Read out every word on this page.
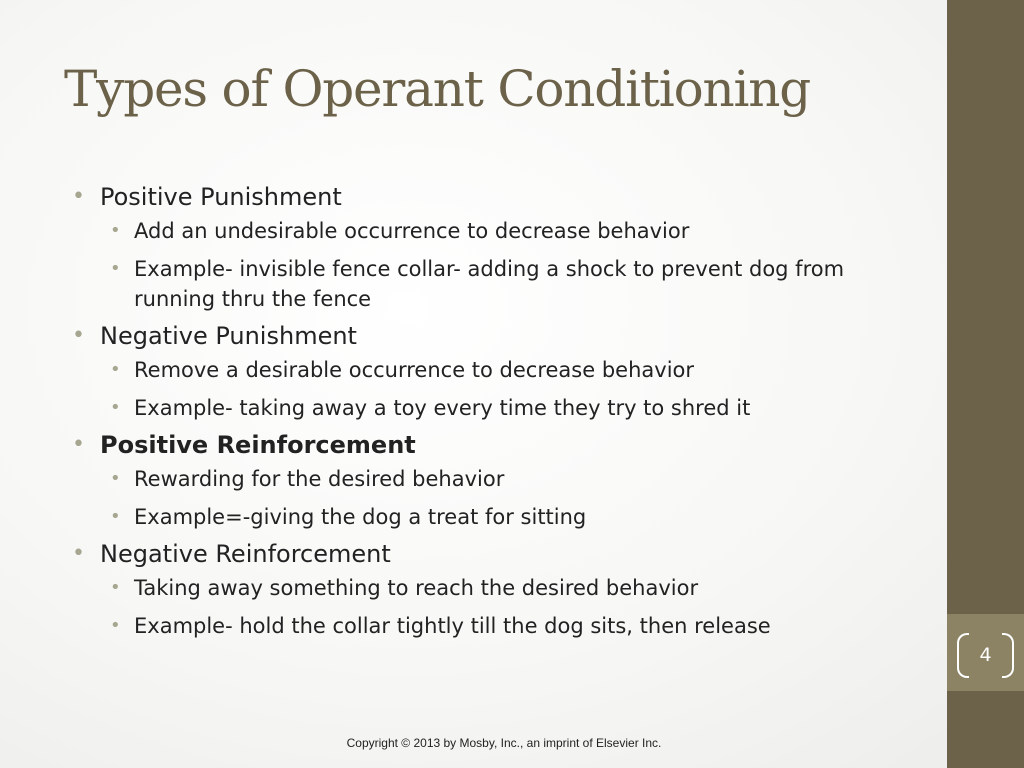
4
Types of Operant Conditioning
• Positive Punishment
• Add an undesirable occurrence to decrease behavior
• Example- invisible fence collar- adding a shock to prevent dog from running thru the fence
• Negative Punishment
• Remove a desirable occurrence to decrease behavior
• Example- taking away a toy every time they try to shred it
• Positive Reinforcement
• Rewarding for the desired behavior
• Example=-giving the dog a treat for sitting
• Negative Reinforcement
• Taking away something to reach the desired behavior
• Example- hold the collar tightly till the dog sits, then release
Copyright © 2013 by Mosby, Inc., an imprint of Elsevier Inc.
